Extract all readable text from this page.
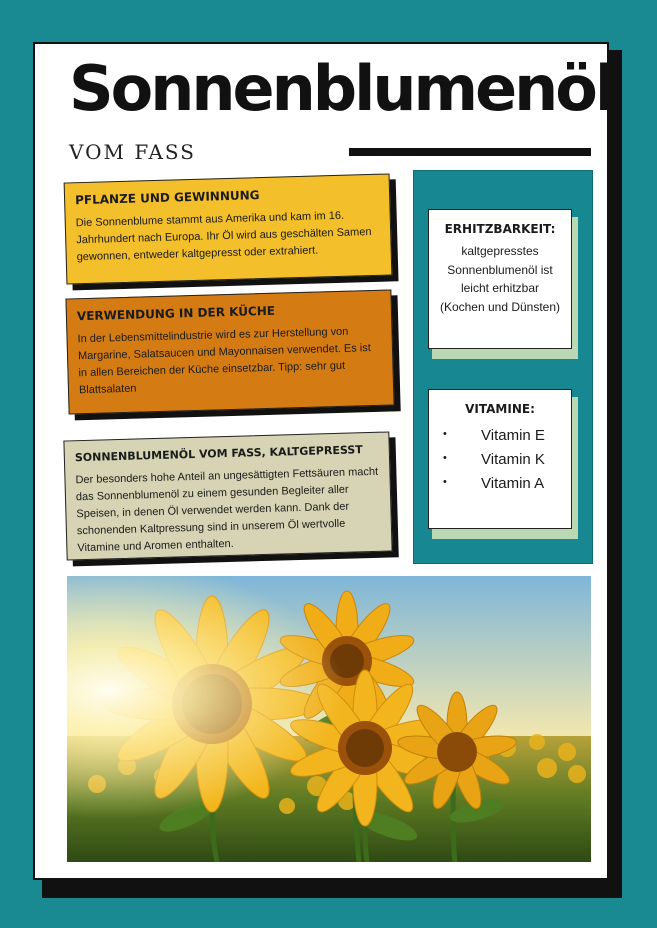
Sonnenblumenöl
VOM FASS
PFLANZE UND GEWINNUNG

Die Sonnenblume stammt aus Amerika und kam im 16. Jahrhundert nach Europa. Ihr Öl wird aus geschälten Samen gewonnen, entweder kaltgepresst oder extrahiert.

VERWENDUNG IN DER KÜCHE

In der Lebensmittelindustrie wird es zur Herstellung von Margarine, Salatsaucen und Mayonnaisen verwendet. Es ist in allen Bereichen der Küche einsetzbar. Tipp: sehr gut Blattsalaten

SONNENBLUMENÖL VOM FASS, KALTGEPRESST

Der besonders hohe Anteil an ungesättigten Fettsäuren macht das Sonnenblumenöl zu einem gesunden Begleiter aller Speisen, in denen Öl verwendet werden kann. Dank der schonenden Kaltpressung sind in unserem Öl wertvolle Vitamine und Aromen enthalten.

ERHITZBARKEIT:

kaltgepresstes Sonnenblumenöl ist leicht erhitzbar (Kochen und Dünsten)

VITAMINE:
•	Vitamin E
•	Vitamin K
•	Vitamin A
